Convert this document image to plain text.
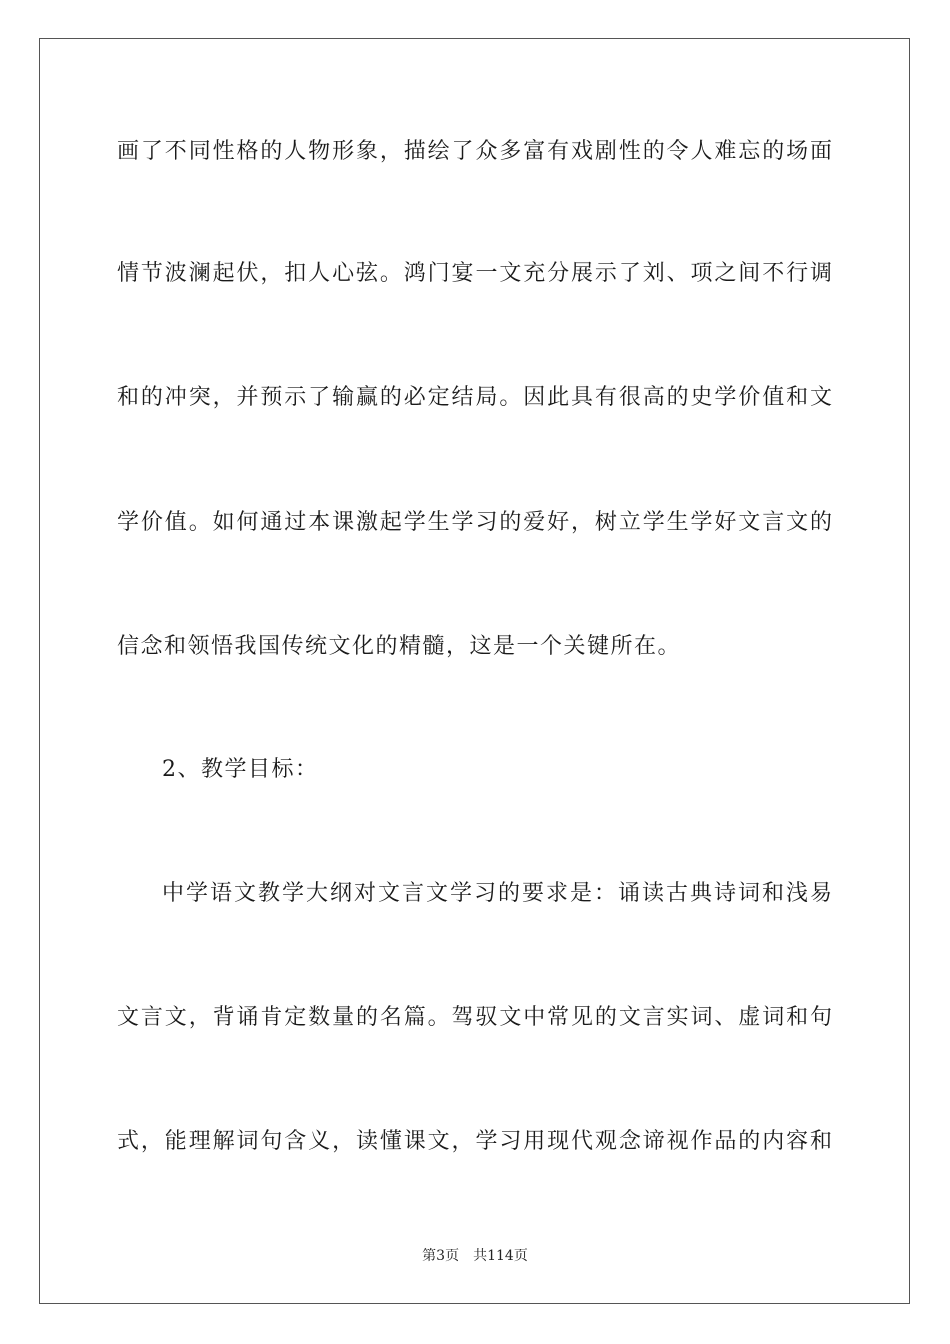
画了不同性格的人物形象，描绘了众多富有戏剧性的令人难忘的场面
情节波澜起伏，扣人心弦。鸿门宴一文充分展示了刘、项之间不行调
和的冲突，并预示了输赢的必定结局。因此具有很高的史学价值和文
学价值。如何通过本课激起学生学习的爱好，树立学生学好文言文的
信念和领悟我国传统文化的精髓，这是一个关键所在。
2、教学目标：
中学语文教学大纲对文言文学习的要求是：诵读古典诗词和浅易
文言文，背诵肯定数量的名篇。驾驭文中常见的文言实词、虚词和句
式，能理解词句含义，读懂课文，学习用现代观念谛视作品的内容和
第3页 共114页
